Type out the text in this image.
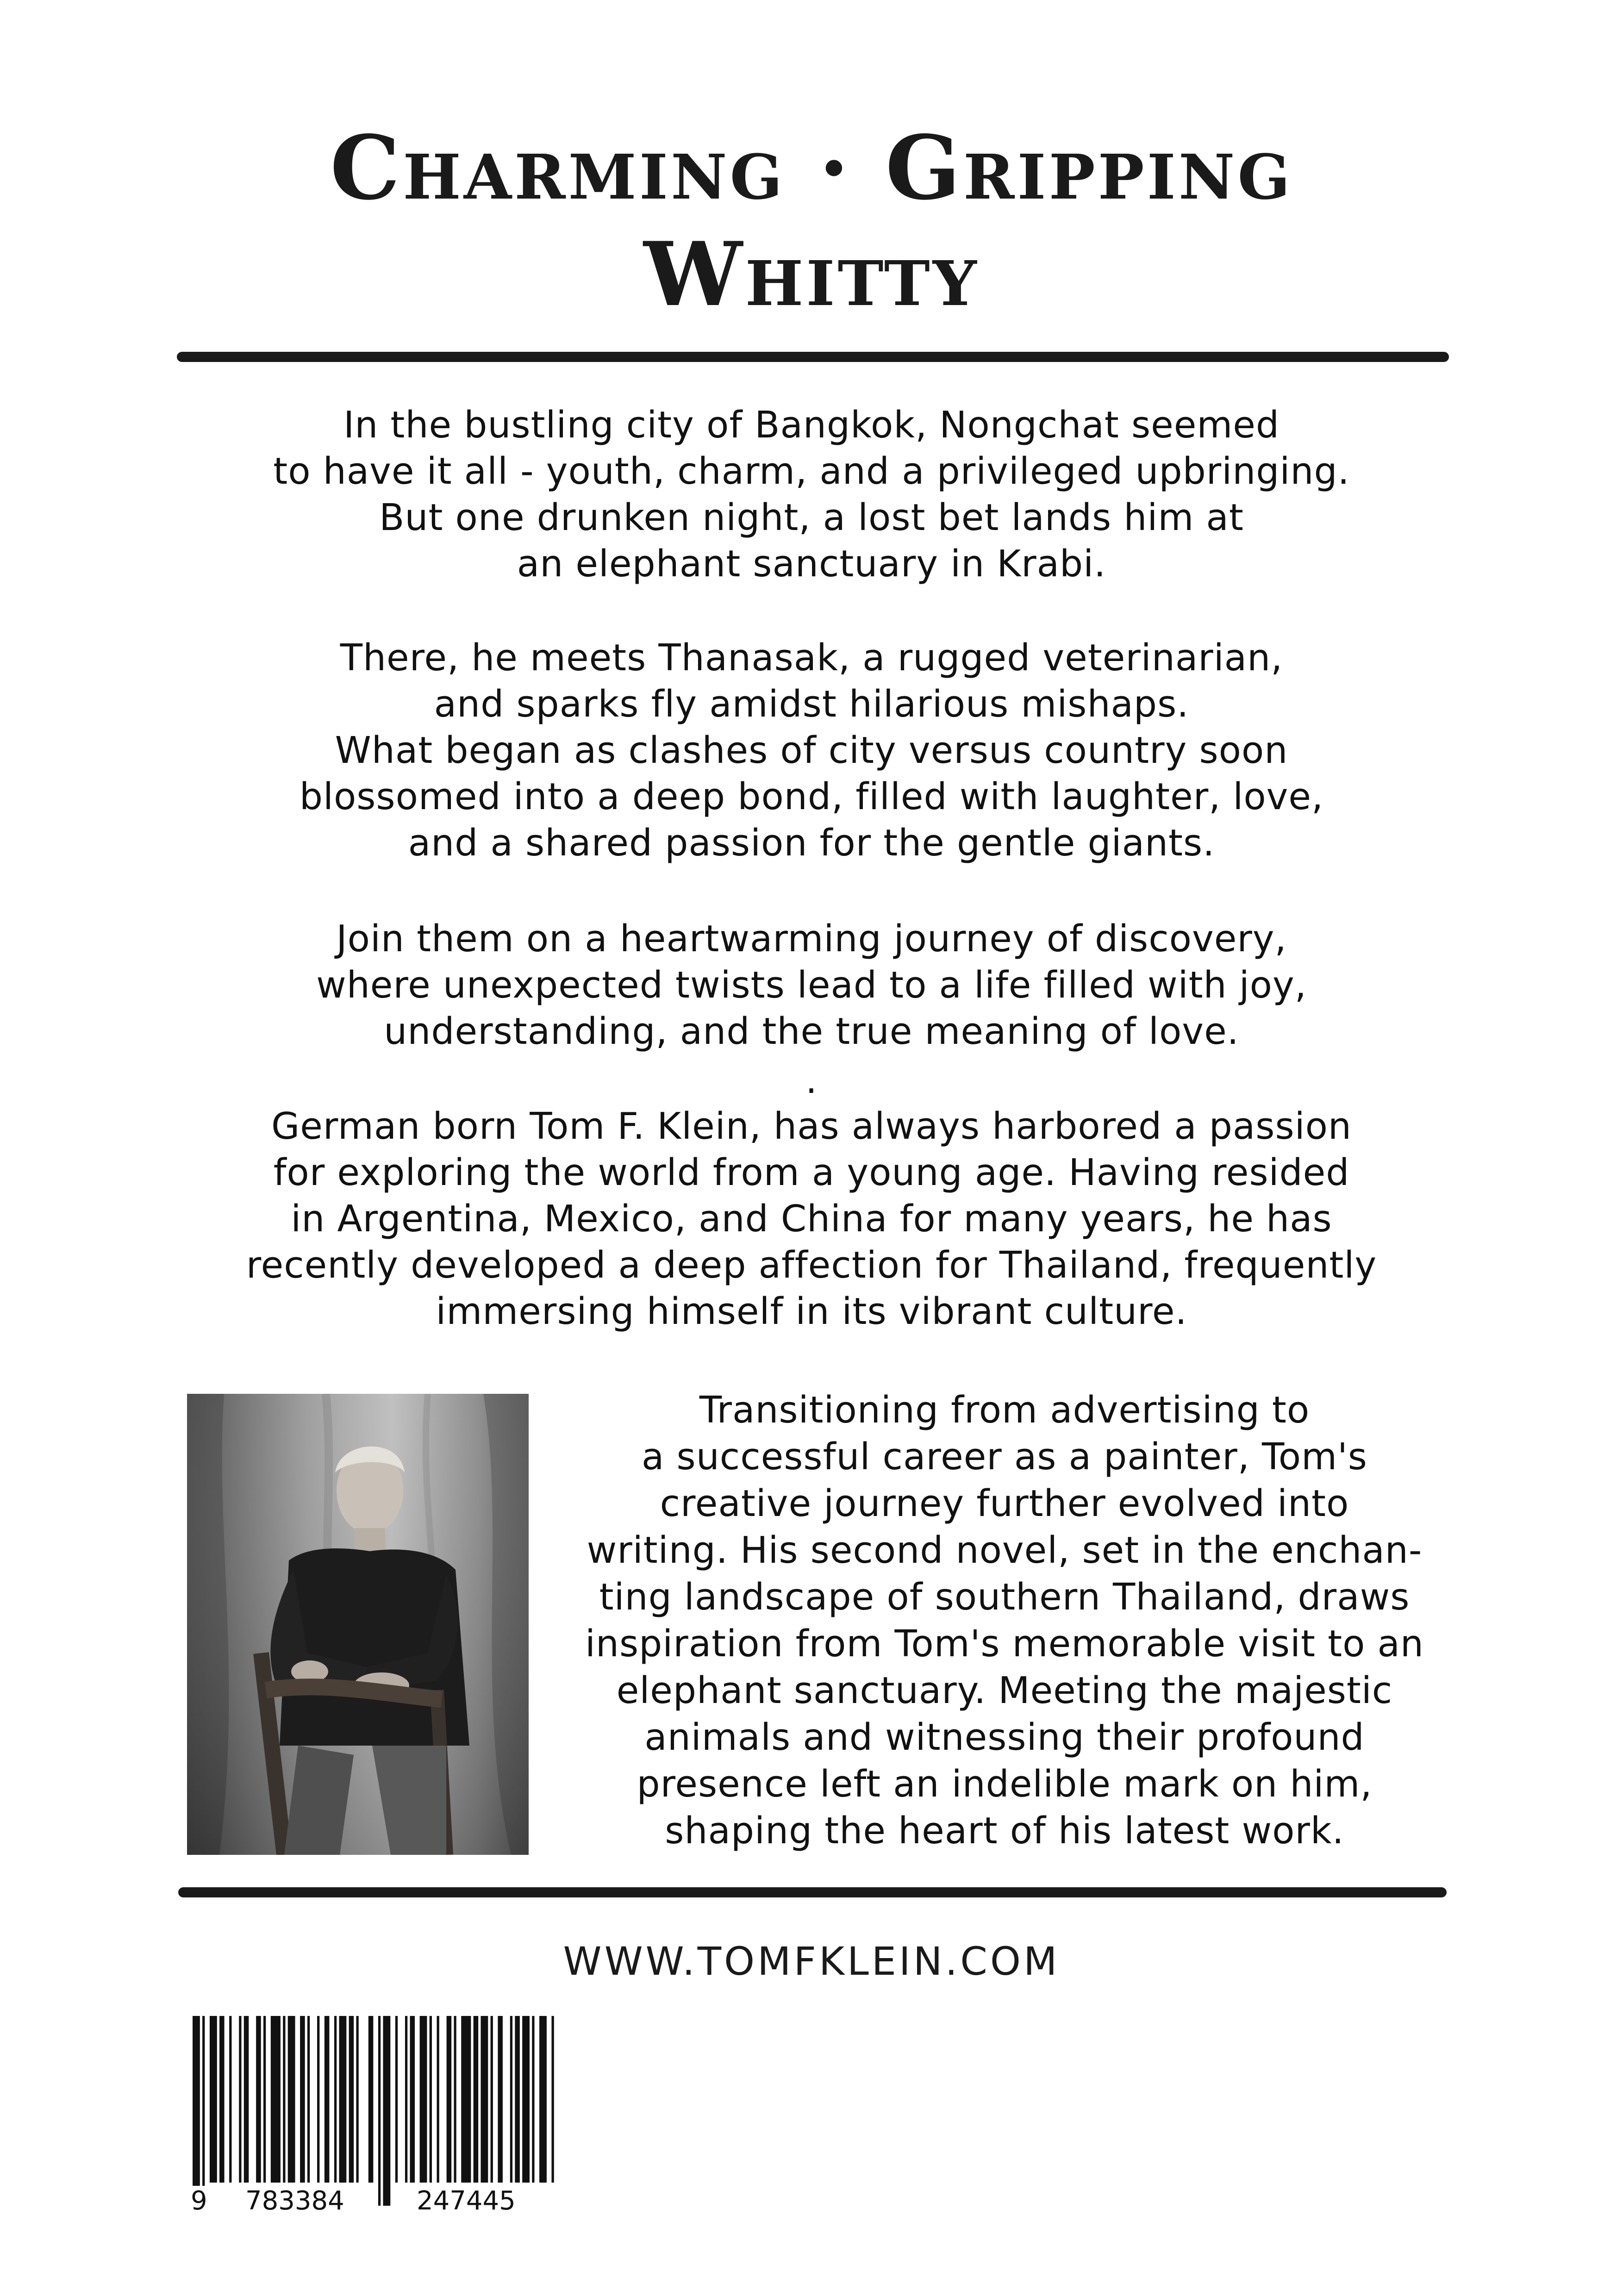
Charming · Gripping
Whitty
In the bustling city of Bangkok, Nongchat seemed
to have it all - youth, charm, and a privileged upbringing.
But one drunken night, a lost bet lands him at
an elephant sanctuary in Krabi.
There, he meets Thanasak, a rugged veterinarian,
and sparks fly amidst hilarious mishaps.
What began as clashes of city versus country soon
blossomed into a deep bond, filled with laughter, love,
and a shared passion for the gentle giants.
Join them on a heartwarming journey of discovery,
where unexpected twists lead to a life filled with joy,
understanding, and the true meaning of love.
.
German born Tom F. Klein, has always harbored a passion
for exploring the world from a young age. Having resided
in Argentina, Mexico, and China for many years, he has
recently developed a deep affection for Thailand, frequently
immersing himself in its vibrant culture.
Transitioning from advertising to
a successful career as a painter, Tom's
creative journey further evolved into
writing. His second novel, set in the enchan-
ting landscape of southern Thailand, draws
inspiration from Tom's memorable visit to an
elephant sanctuary. Meeting the majestic
animals and witnessing their profound
presence left an indelible mark on him,
shaping the heart of his latest work.
WWW.TOMFKLEIN.COM
9 783384	247445
